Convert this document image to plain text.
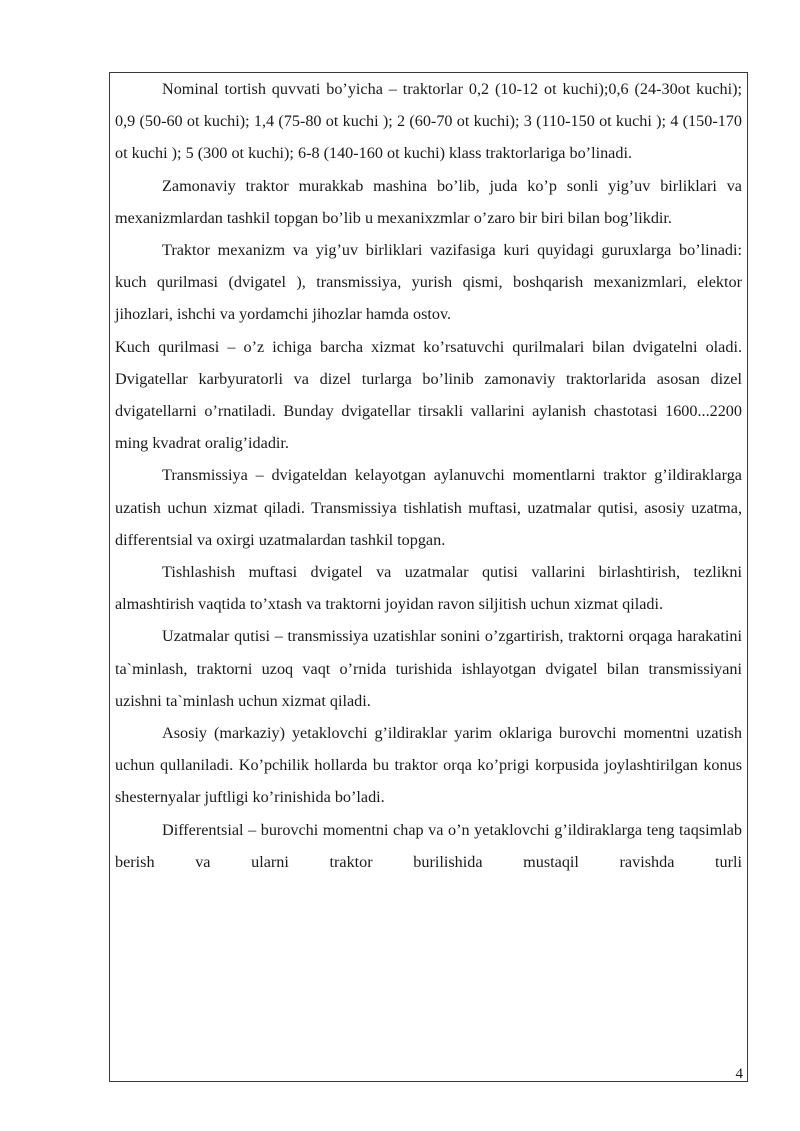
Nominal tortish quvvati bo’yicha – traktorlar 0,2 (10-12 ot kuchi);0,6 (24-30ot kuchi); 0,9 (50-60 ot kuchi); 1,4 (75-80 ot kuchi ); 2 (60-70 ot kuchi); 3 (110-150 ot kuchi ); 4 (150-170 ot kuchi ); 5 (300 ot kuchi); 6-8 (140-160 ot kuchi) klass traktorlariga bo’linadi.

Zamonaviy traktor murakkab mashina bo’lib, juda ko’p sonli yig’uv birliklari va mexanizmlardan tashkil topgan bo’lib u mexanixzmlar o’zaro bir biri bilan bog’likdir.

Traktor mexanizm va yig’uv birliklari vazifasiga kuri quyidagi guruxlarga bo’linadi: kuch qurilmasi (dvigatel ), transmissiya, yurish qismi, boshqarish mexanizmlari, elektor jihozlari, ishchi va yordamchi jihozlar hamda ostov.

Kuch qurilmasi – o’z ichiga barcha xizmat ko’rsatuvchi qurilmalari bilan dvigatelni oladi. Dvigatellar karbyuratorli va dizel turlarga bo’linib zamonaviy traktorlarida asosan dizel dvigatellarni o’rnatiladi. Bunday dvigatellar tirsakli vallarini aylanish chastotasi 1600...2200 ming kvadrat oralig’idadir.

Transmissiya – dvigateldan kelayotgan aylanuvchi momentlarni traktor g’ildiraklarga uzatish uchun xizmat qiladi. Transmissiya tishlatish muftasi, uzatmalar qutisi, asosiy uzatma, differentsial va oxirgi uzatmalardan tashkil topgan.

Tishlashish muftasi dvigatel va uzatmalar qutisi vallarini birlashtirish, tezlikni almashtirish vaqtida to’xtash va traktorni joyidan ravon siljitish uchun xizmat qiladi.

Uzatmalar qutisi – transmissiya uzatishlar sonini o’zgartirish, traktorni orqaga harakatini ta`minlash, traktorni uzoq vaqt o’rnida turishida ishlayotgan dvigatel bilan transmissiyani uzishni ta`minlash uchun xizmat qiladi.

Asosiy (markaziy) yetaklovchi g’ildiraklar yarim oklariga burovchi momentni uzatish uchun qullaniladi. Ko’pchilik hollarda bu traktor orqa ko’prigi korpusida joylashtirilgan konus shesternyalar juftligi ko’rinishida bo’ladi.

Differentsial – burovchi momentni chap va o’n yetaklovchi g’ildiraklarga teng taqsimlab berish va ularni traktor burilishida mustaqil ravishda turli

4
